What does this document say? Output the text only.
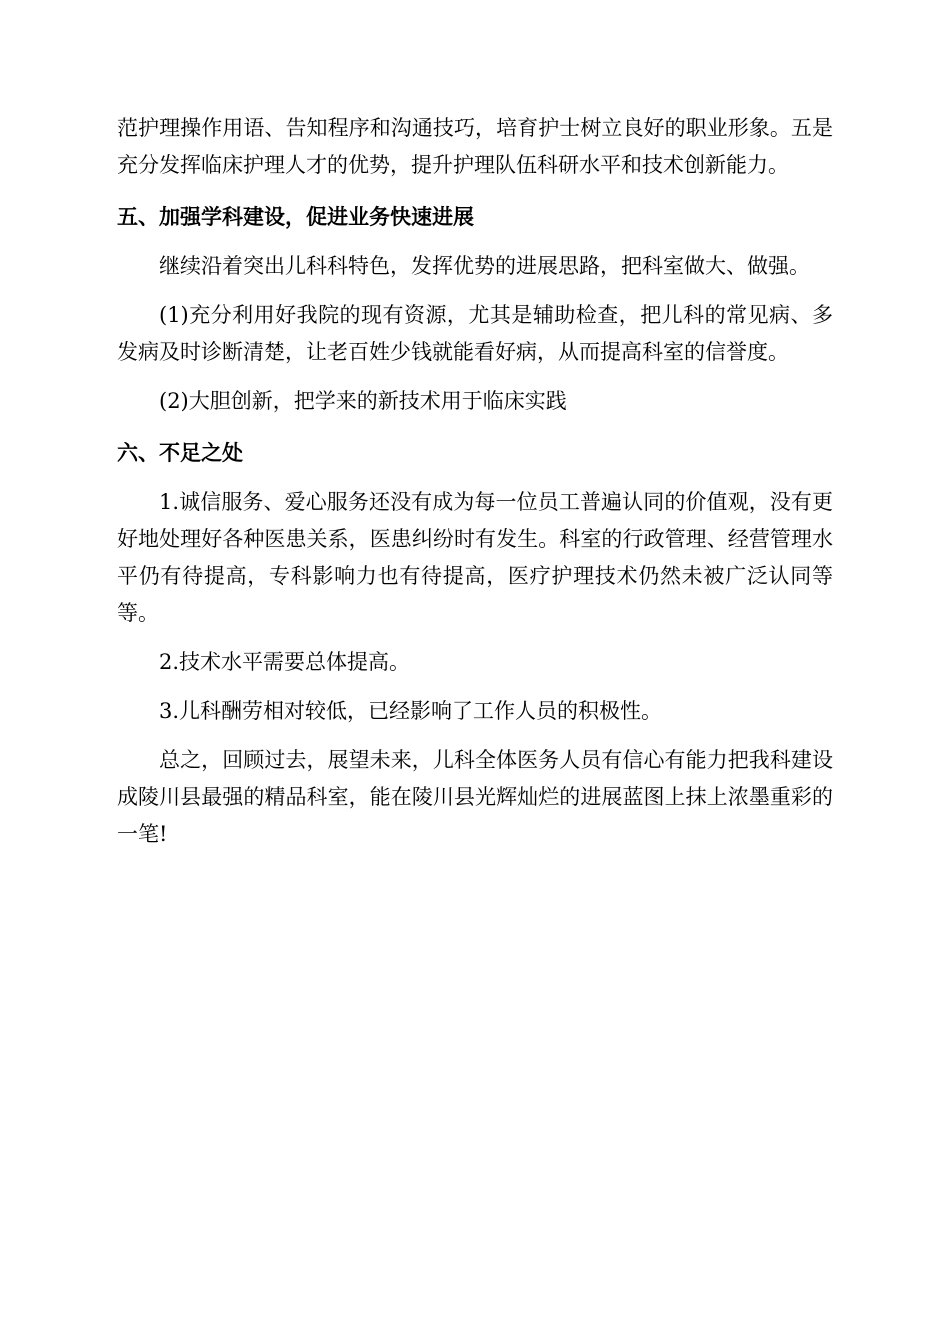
范护理操作用语、告知程序和沟通技巧，培育护士树立良好的职业形象。五是充分发挥临床护理人才的优势，提升护理队伍科研水平和技术创新能力。

五、加强学科建设，促进业务快速进展

继续沿着突出儿科科特色，发挥优势的进展思路，把科室做大、做强。

(1)充分利用好我院的现有资源，尤其是辅助检查，把儿科的常见病、多发病及时诊断清楚，让老百姓少钱就能看好病，从而提高科室的信誉度。

(2)大胆创新，把学来的新技术用于临床实践

六、不足之处

1.诚信服务、爱心服务还没有成为每一位员工普遍认同的价值观，没有更好地处理好各种医患关系，医患纠纷时有发生。科室的行政管理、经营管理水平仍有待提高，专科影响力也有待提高，医疗护理技术仍然未被广泛认同等等。

2.技术水平需要总体提高。

3.儿科酬劳相对较低，已经影响了工作人员的积极性。

总之，回顾过去，展望未来，儿科全体医务人员有信心有能力把我科建设成陵川县最强的精品科室，能在陵川县光辉灿烂的进展蓝图上抹上浓墨重彩的一笔!
